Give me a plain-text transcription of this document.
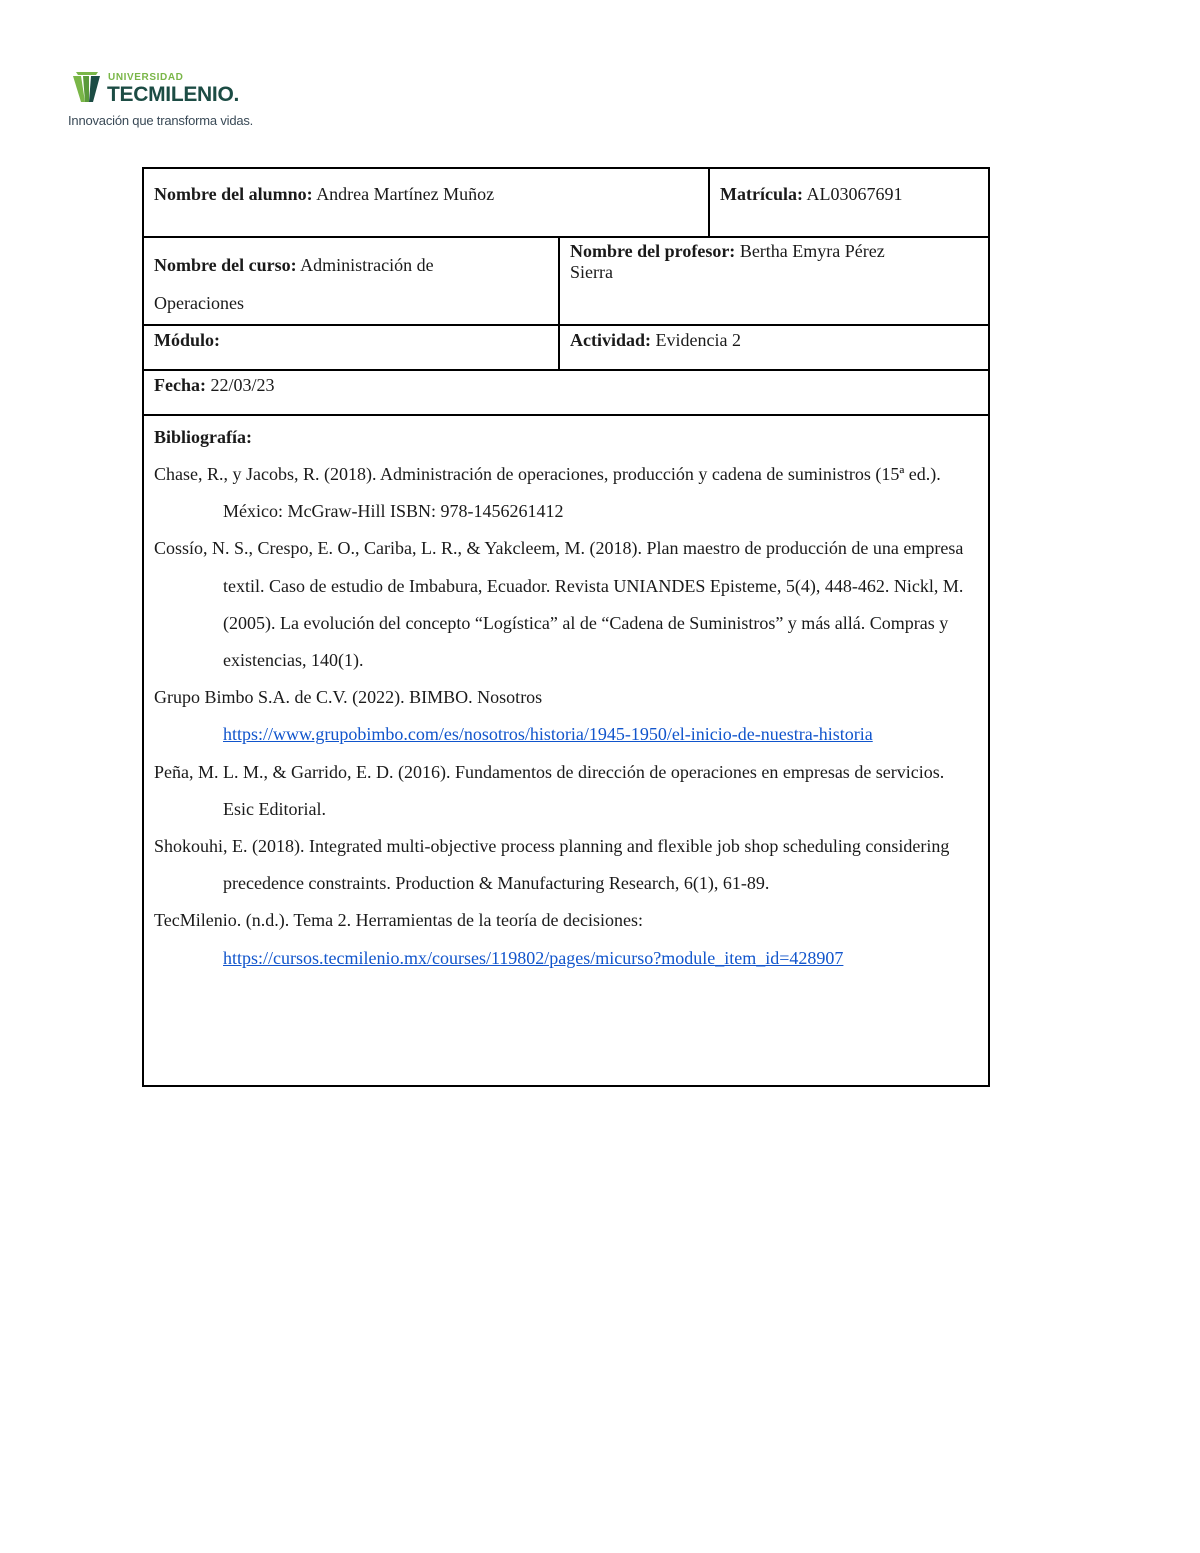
UNIVERSIDAD
TECMILENIO.
Innovación que transforma vidas.
Nombre del alumno: Andrea Martínez Muñoz	Matrícula: AL03067691
Nombre del curso: Administración de
Operaciones
Nombre del profesor: Bertha Emyra Pérez
Sierra
Módulo:	Actividad: Evidencia 2
Fecha: 22/03/23
Bibliografía:

Chase, R., y Jacobs, R. (2018). Administración de operaciones, producción y cadena de suministros (15ª ed.). México: McGraw-Hill ISBN: 978-1456261412

Cossío, N. S., Crespo, E. O., Cariba, L. R., & Yakcleem, M. (2018). Plan maestro de producción de una empresa textil. Caso de estudio de Imbabura, Ecuador. Revista UNIANDES Episteme, 5(4), 448-462. Nickl, M. (2005). La evolución del concepto “Logística” al de “Cadena de Suministros” y más allá. Compras y existencias, 140(1).

Grupo Bimbo S.A. de C.V. (2022). BIMBO. Nosotros
https://www.grupobimbo.com/es/nosotros/historia/1945-1950/el-inicio-de-nuestra-historia

Peña, M. L. M., & Garrido, E. D. (2016). Fundamentos de dirección de operaciones en empresas de servicios. Esic Editorial.

Shokouhi, E. (2018). Integrated multi-objective process planning and flexible job shop scheduling considering precedence constraints. Production & Manufacturing Research, 6(1), 61-89.

TecMilenio. (n.d.). Tema 2. Herramientas de la teoría de decisiones:
https://cursos.tecmilenio.mx/courses/119802/pages/micurso?module_item_id=428907
